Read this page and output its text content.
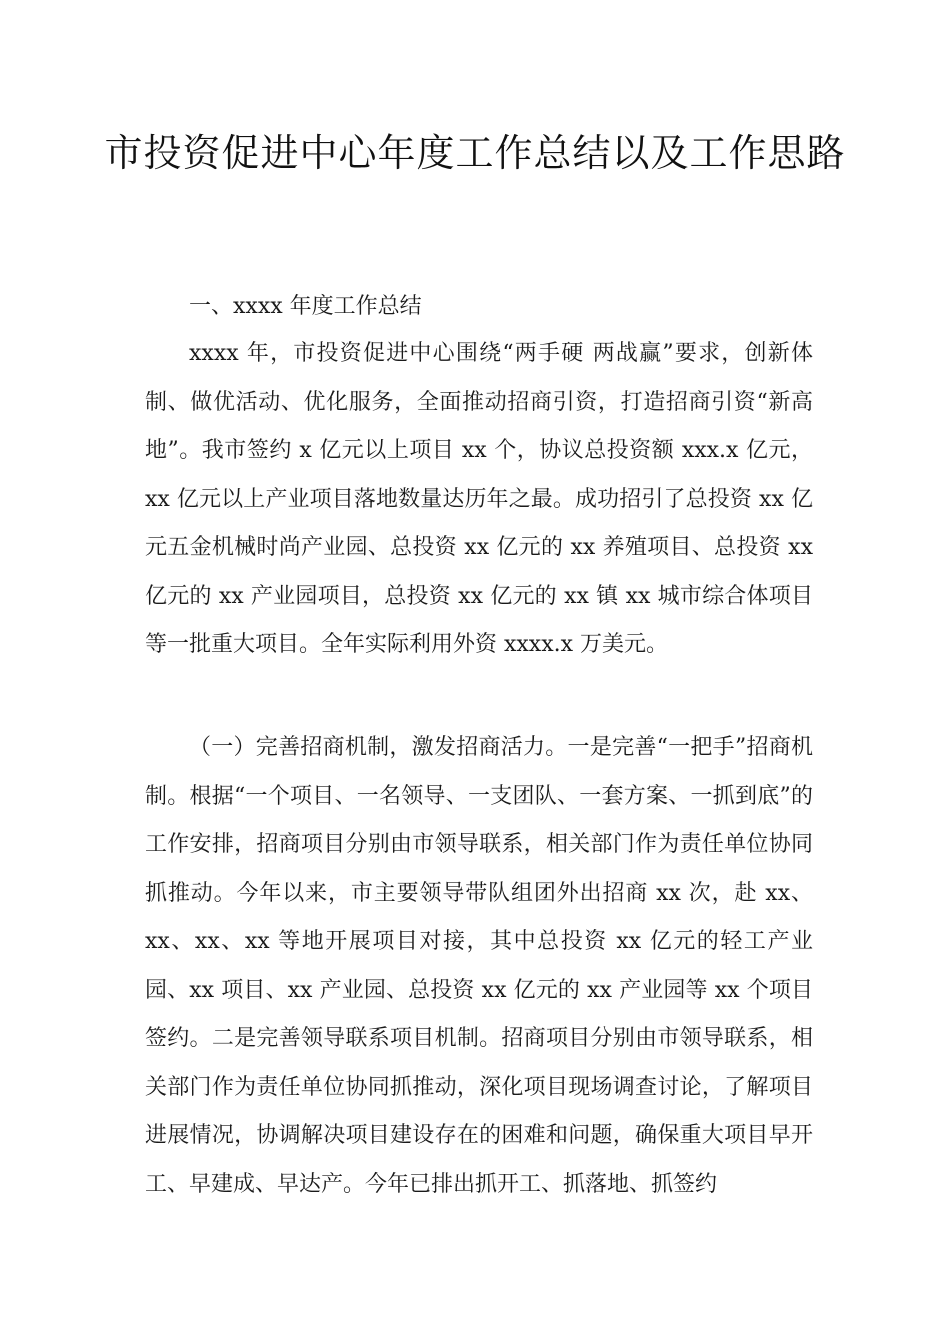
市投资促进中心年度工作总结以及工作思路

一、xxxx 年度工作总结

xxxx 年，市投资促进中心围绕“两手硬 两战赢”要求，创新体制、做优活动、优化服务，全面推动招商引资，打造招商引资“新高地”。我市签约 x 亿元以上项目 xx 个，协议总投资额 xxx.x 亿元，xx 亿元以上产业项目落地数量达历年之最。成功招引了总投资 xx 亿元五金机械时尚产业园、总投资 xx 亿元的 xx 养殖项目、总投资 xx 亿元的 xx 产业园项目，总投资 xx 亿元的 xx 镇 xx 城市综合体项目等一批重大项目。全年实际利用外资 xxxx.x 万美元。

（一）完善招商机制，激发招商活力。一是完善“一把手”招商机制。根据“一个项目、一名领导、一支团队、一套方案、一抓到底”的工作安排，招商项目分别由市领导联系，相关部门作为责任单位协同抓推动。今年以来，市主要领导带队组团外出招商 xx 次，赴 xx、xx、xx、xx 等地开展项目对接，其中总投资 xx 亿元的轻工产业园、xx 项目、xx 产业园、总投资 xx 亿元的 xx 产业园等 xx 个项目签约。二是完善领导联系项目机制。招商项目分别由市领导联系，相关部门作为责任单位协同抓推动，深化项目现场调查讨论，了解项目进展情况，协调解决项目建设存在的困难和问题，确保重大项目早开工、早建成、早达产。今年已排出抓开工、抓落地、抓签约
